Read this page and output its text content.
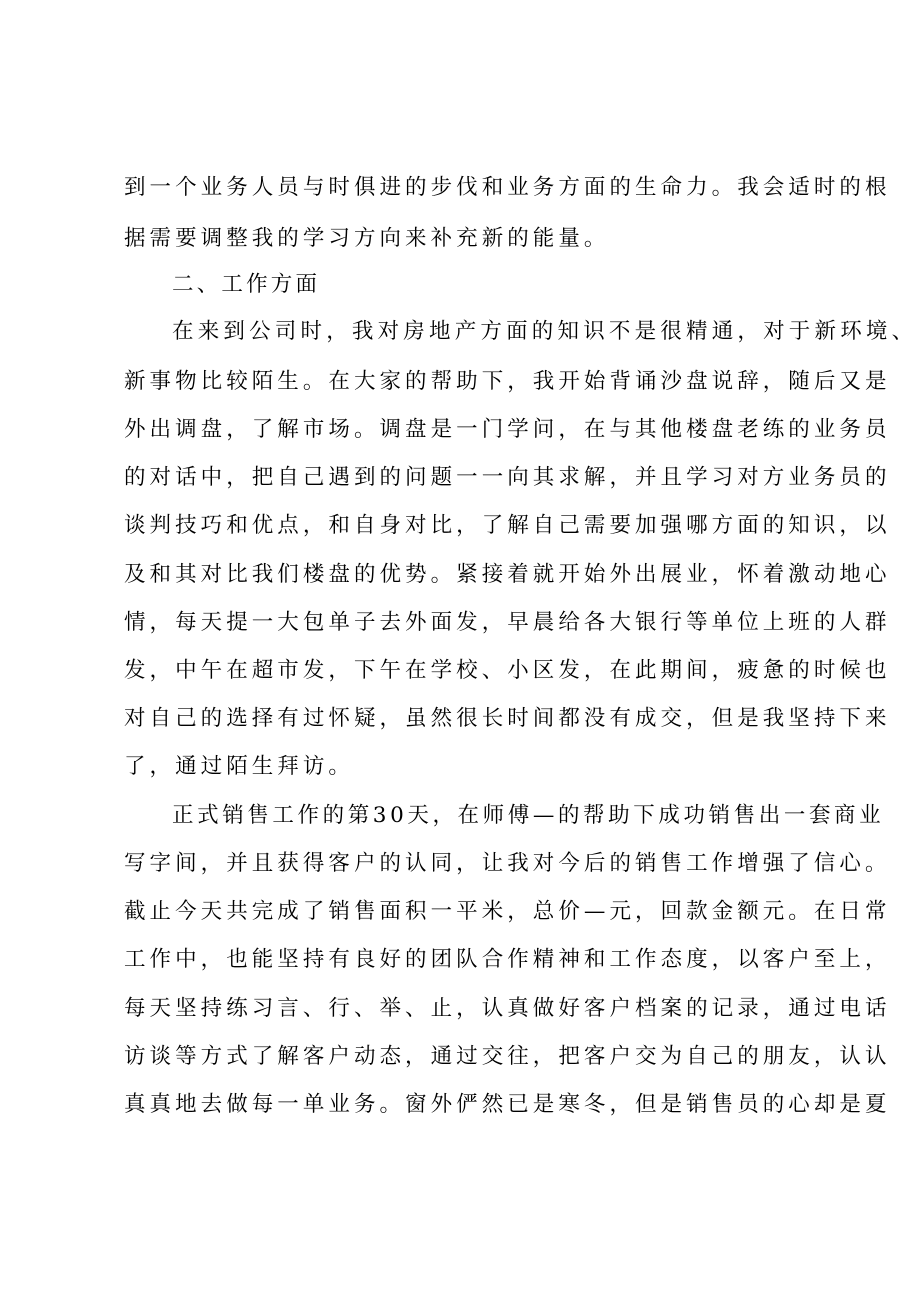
到一个业务人员与时俱进的步伐和业务方面的生命力。我会适时的根
据需要调整我的学习方向来补充新的能量。
二、工作方面
在来到公司时，我对房地产方面的知识不是很精通，对于新环境、
新事物比较陌生。在大家的帮助下，我开始背诵沙盘说辞，随后又是
外出调盘，了解市场。调盘是一门学问，在与其他楼盘老练的业务员
的对话中，把自己遇到的问题一一向其求解，并且学习对方业务员的
谈判技巧和优点，和自身对比，了解自己需要加强哪方面的知识，以
及和其对比我们楼盘的优势。紧接着就开始外出展业，怀着激动地心
情，每天提一大包单子去外面发，早晨给各大银行等单位上班的人群
发，中午在超市发，下午在学校、小区发，在此期间，疲惫的时候也
对自己的选择有过怀疑，虽然很长时间都没有成交，但是我坚持下来
了，通过陌生拜访。
正式销售工作的第30天，在师傅—的帮助下成功销售出一套商业
写字间，并且获得客户的认同，让我对今后的销售工作增强了信心。
截止今天共完成了销售面积一平米，总价—元，回款金额元。在日常
工作中，也能坚持有良好的团队合作精神和工作态度，以客户至上，
每天坚持练习言、行、举、止，认真做好客户档案的记录，通过电话
访谈等方式了解客户动态，通过交往，把客户交为自己的朋友，认认
真真地去做每一单业务。窗外俨然已是寒冬，但是销售员的心却是夏
